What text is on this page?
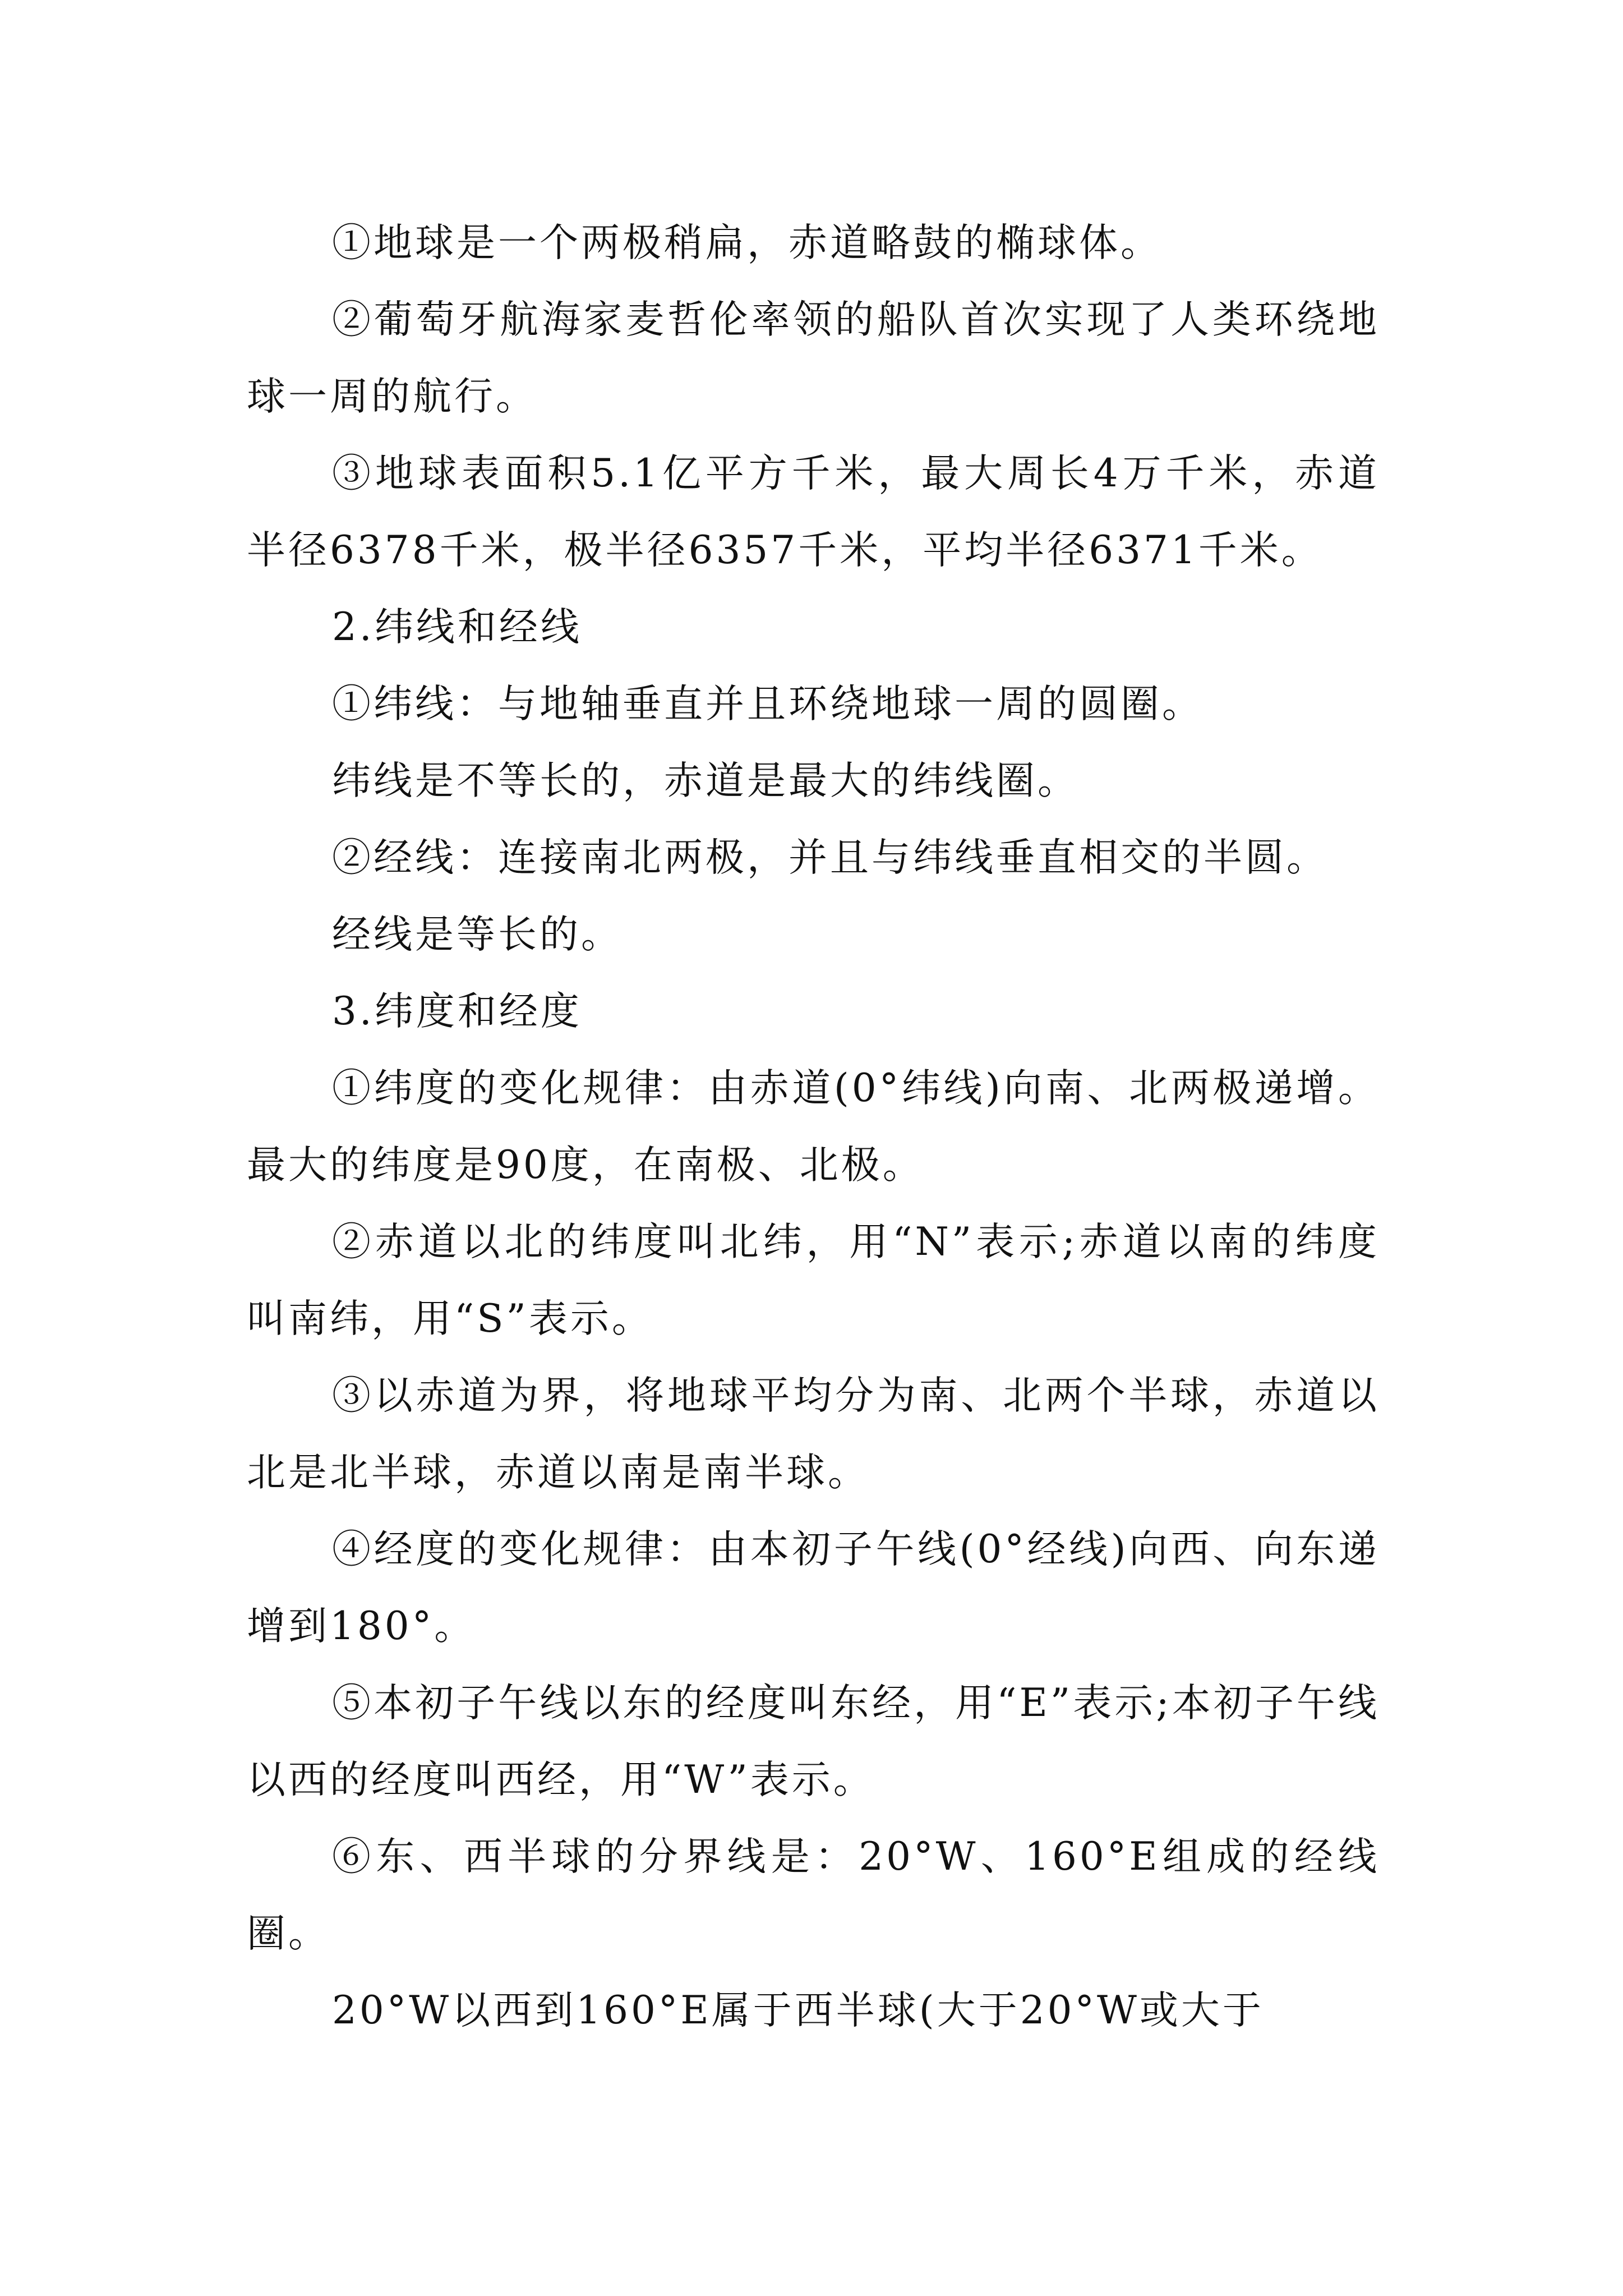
①地球是一个两极稍扁，赤道略鼓的椭球体。

②葡萄牙航海家麦哲伦率领的船队首次实现了人类环绕地球一周的航行。

③地球表面积5.1亿平方千米，最大周长4万千米，赤道半径6378千米，极半径6357千米，平均半径6371千米。

2.纬线和经线

①纬线：与地轴垂直并且环绕地球一周的圆圈。

纬线是不等长的，赤道是最大的纬线圈。

②经线：连接南北两极，并且与纬线垂直相交的半圆。

经线是等长的。

3.纬度和经度

①纬度的变化规律：由赤道(0°纬线)向南、北两极递增。最大的纬度是90度，在南极、北极。

②赤道以北的纬度叫北纬，用“N”表示;赤道以南的纬度叫南纬，用“S”表示。

③以赤道为界，将地球平均分为南、北两个半球，赤道以北是北半球，赤道以南是南半球。

④经度的变化规律：由本初子午线(0°经线)向西、向东递增到180°。

⑤本初子午线以东的经度叫东经，用“E”表示;本初子午线以西的经度叫西经，用“W”表示。

⑥东、西半球的分界线是：20°W、160°E组成的经线圈。

20°W以西到160°E属于西半球(大于20°W或大于
